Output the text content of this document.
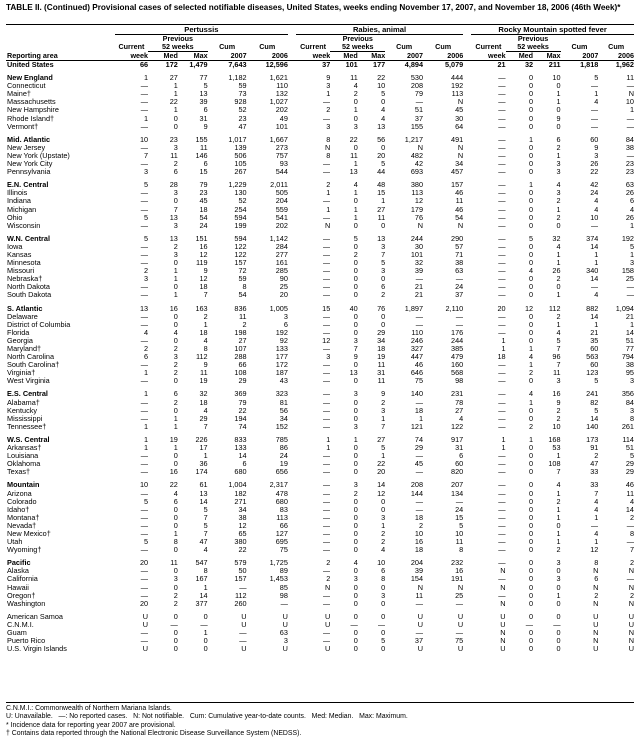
TABLE II. (Continued) Provisional cases of selected notifiable diseases, United States, weeks ending November 17, 2007, and November 18, 2006 (46th Week)*
	Pertussis						Rabies, animal						Rocky Mountain spotted fever				
		Previous						Previous						Previous			
	Current	52 weeks		Cum	Cum		Current	52 weeks		Cum	Cum		Current	52 weeks		Cum	Cum
Reporting area	week	Med	Max	2007	2006		week	Med	Max	2007	2006		week	Med	Max	2007	2006
United States	66	172	1,479	7,643	12,596		37	101	177	4,894	5,079		21	32	211	1,818	1,962

New England	1	27	77	1,182	1,621		9	11	22	530	444		—	0	10	5	11
Connecticut	—	1	5	59	110		3	4	10	208	192		—	0	0	—	—
Maine†	—	1	13	73	132		1	2	5	79	113		—	0	1	1	N
Massachusetts	—	22	39	928	1,027		—	0	0	—	N		—	0	1	4	10
New Hampshire	—	1	6	52	202		2	1	4	51	45		—	0	0	—	1
Rhode Island†	1	0	31	23	49		—	0	4	37	30		—	0	9	—	—
Vermont†	—	0	9	47	101		3	3	13	155	64		—	0	0	—	—

Mid. Atlantic	10	23	155	1,017	1,667		8	22	56	1,217	491		—	1	6	60	84
New Jersey	—	3	11	139	273		N	0	0	N	N		—	0	2	9	38
New York (Upstate)	7	11	146	506	757		8	11	20	482	N		—	0	1	3	—
New York City	—	2	6	105	93		—	1	5	42	34		—	0	3	26	23
Pennsylvania	3	6	15	267	544		—	13	44	693	457		—	0	3	22	23

E.N. Central	5	28	79	1,229	2,011		2	4	48	380	157		—	1	4	42	63
Illinois	—	3	23	130	505		1	1	15	113	46		—	0	3	24	26
Indiana	—	0	45	52	204		—	0	1	12	11		—	0	2	4	6
Michigan	—	7	18	254	559		1	1	27	179	46		—	0	1	4	4
Ohio	5	13	54	594	541		—	1	11	76	54		—	0	2	10	26
Wisconsin	—	3	24	199	202		N	0	0	N	N		—	0	0	—	1

W.N. Central	5	13	151	594	1,142		—	5	13	244	290		—	5	32	374	192
Iowa	—	2	16	122	284		—	0	3	30	57		—	0	4	14	5
Kansas	—	3	12	122	277		—	2	7	101	71		—	0	1	1	1
Minnesota	—	0	119	157	161		—	0	5	32	38		—	0	1	1	3
Missouri	2	1	9	72	285		—	0	3	39	63		—	4	26	340	158
Nebraska†	3	1	12	59	90		—	0	0	—	—		—	0	2	14	25
North Dakota	—	0	18	8	25		—	0	6	21	24		—	0	0	—	—
South Dakota	—	1	7	54	20		—	0	2	21	37		—	0	1	4	—

S. Atlantic	13	16	163	836	1,005		15	40	76	1,897	2,110		20	12	112	882	1,094
Delaware	—	0	2	11	3		—	0	0	—	—		—	0	2	14	21
District of Columbia	—	0	1	2	6		—	0	0	—	—		—	0	1	1	1
Florida	4	4	18	198	192		—	0	29	110	176		—	0	4	21	14
Georgia	—	0	4	27	92		12	3	34	246	244		1	0	5	35	51
Maryland†	2	2	8	107	133		—	7	18	327	385		1	1	7	60	77
North Carolina	6	3	112	288	177		3	9	19	447	479		18	4	96	563	794
South Carolina†	—	2	9	66	172		—	0	11	46	160		—	1	7	60	38
Virginia†	1	2	11	108	187		—	13	31	646	568		—	2	11	123	95
West Virginia	—	0	19	29	43		—	0	11	75	98		—	0	3	5	3

E.S. Central	1	6	32	369	323		—	3	9	140	231		—	4	16	241	356
Alabama†	—	2	18	79	81		—	0	2	—	78		—	1	9	82	84
Kentucky	—	0	4	22	56		—	0	3	18	27		—	0	2	5	3
Mississippi	—	1	29	194	34		—	0	1	1	4		—	0	2	14	8
Tennessee†	1	1	7	74	152		—	3	7	121	122		—	2	10	140	261

W.S. Central	1	19	226	833	785		1	1	27	74	917		1	1	168	173	114
Arkansas†	1	1	17	133	86		1	0	5	29	31		1	0	53	91	51
Louisiana	—	0	1	14	24		—	0	1	—	6		—	0	1	2	5
Oklahoma	—	0	36	6	19		—	0	22	45	60		—	0	108	47	29
Texas†	—	16	174	680	656		—	0	20	—	820		—	0	7	33	29

Mountain	10	22	61	1,004	2,317		—	3	14	208	207		—	0	4	33	46
Arizona	—	4	13	182	478		—	2	12	144	134		—	0	1	7	11
Colorado	5	6	14	271	680		—	0	0	—	—		—	0	2	4	4
Idaho†	—	0	5	34	83		—	0	0	—	24		—	0	1	4	14
Montana†	—	0	7	38	113		—	0	3	18	15		—	0	1	1	2
Nevada†	—	0	5	12	66		—	0	1	2	5		—	0	0	—	—
New Mexico†	—	1	7	65	127		—	0	2	10	10		—	0	1	4	8
Utah	5	8	47	380	695		—	0	2	16	11		—	0	1	1	—
Wyoming†	—	0	4	22	75		—	0	4	18	8		—	0	2	12	7

Pacific	20	11	547	579	1,725		2	4	10	204	232		—	0	3	8	2
Alaska	—	0	8	50	89		—	0	6	39	16		N	0	0	N	N
California	—	3	167	157	1,453		2	3	8	154	191		—	0	3	6	—
Hawaii	—	0	1	—	85		N	0	0	N	N		N	0	0	N	N
Oregon†	—	2	14	112	98		—	0	3	11	25		—	0	1	2	2
Washington	20	2	377	260	—		—	0	0	—	—		N	0	0	N	N

American Samoa	U	0	0	U	U		U	0	0	U	U		U	0	0	U	U
C.N.M.I.	U	—	—	U	U		U	—	—	U	U		U	—	—	U	U
Guam	—	0	1	—	63		—	0	0	—	—		N	0	0	N	N
Puerto Rico	—	0	0	—	3		—	0	5	37	75		N	0	0	N	N
U.S. Virgin Islands	U	0	0	U	U		U	0	0	U	U		U	0	0	U	U
C.N.M.I.: Commonwealth of Northern Mariana Islands.
U: Unavailable.   —: No reported cases.   N: Not notifiable.   Cum: Cumulative year-to-date counts.   Med: Median.   Max: Maximum.
* Incidence data for reporting year 2007 are provisional.
† Contains data reported through the National Electronic Disease Surveillance System (NEDSS).
